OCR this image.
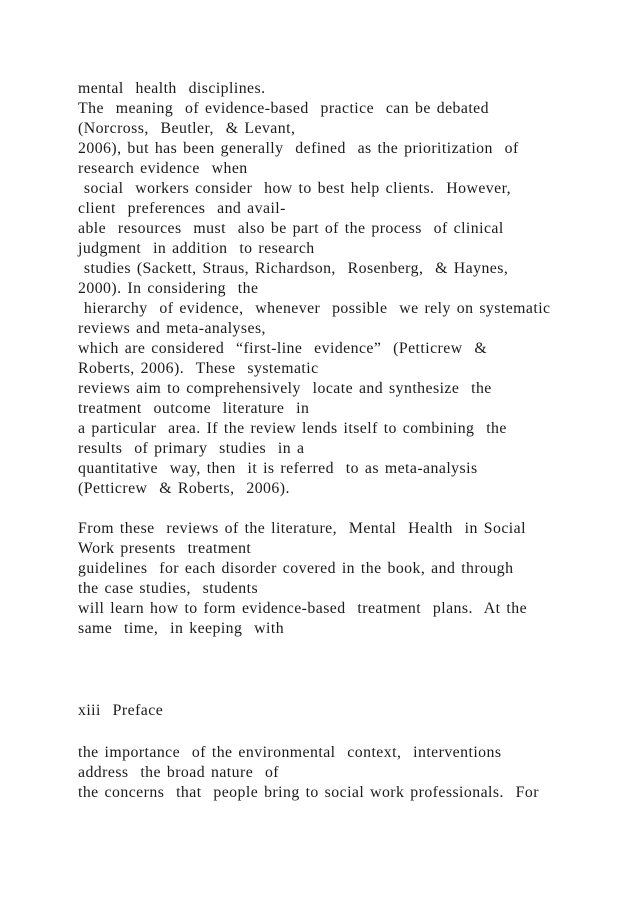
mental  health  disciplines.
The  meaning  of evidence-based  practice  can be debated
(Norcross,  Beutler,  & Levant,
2006), but has been generally  defined  as the prioritization  of
research evidence  when
social  workers consider  how to best help clients.  However,
client  preferences  and avail-
able  resources  must  also be part of the process  of clinical
judgment  in addition  to research
studies (Sackett, Straus, Richardson,  Rosenberg,  & Haynes,
2000). In considering  the
hierarchy  of evidence,  whenever  possible  we rely on systematic
reviews and meta-analyses,
which are considered  “first-line  evidence”  (Petticrew  &
Roberts, 2006).  These  systematic
reviews aim to comprehensively  locate and synthesize  the
treatment  outcome  literature  in
a particular  area. If the review lends itself to combining  the
results  of primary  studies  in a
quantitative  way, then  it is referred  to as meta-analysis
(Petticrew  & Roberts,  2006).
From these  reviews of the literature,  Mental  Health  in Social
Work presents  treatment
guidelines  for each disorder covered in the book, and through
the case studies,  students
will learn how to form evidence-based  treatment  plans.  At the
same  time,  in keeping  with
xiii  Preface
the importance  of the environmental  context,  interventions
address  the broad nature  of
the concerns  that  people bring to social work professionals.  For
